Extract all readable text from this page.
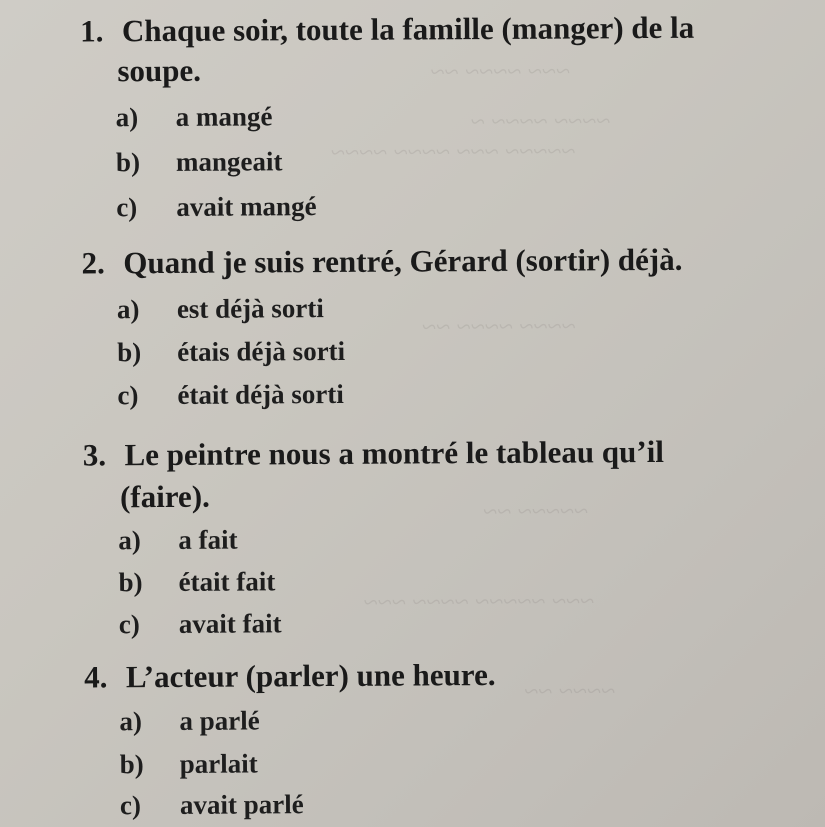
~~~ ~~~~ ~~
~~~~ ~~~~ ~
~~~~~ ~~~ ~~~~ ~~~~
~~~~ ~~~~ ~~
~~~~~ ~~
~~~ ~~~~~ ~~~~ ~~~
~~~~ ~~
1. Chaque soir, toute la famille (manger) de la
soupe.
a) a mangé
b) mangeait
c) avait mangé
2. Quand je suis rentré, Gérard (sortir) déjà.
a) est déjà sorti
b) étais déjà sorti
c) était déjà sorti
3. Le peintre nous a montré le tableau qu’il
(faire).
a) a fait
b) était fait
c) avait fait
4. L’acteur (parler) une heure.
a) a parlé
b) parlait
c) avait parlé
